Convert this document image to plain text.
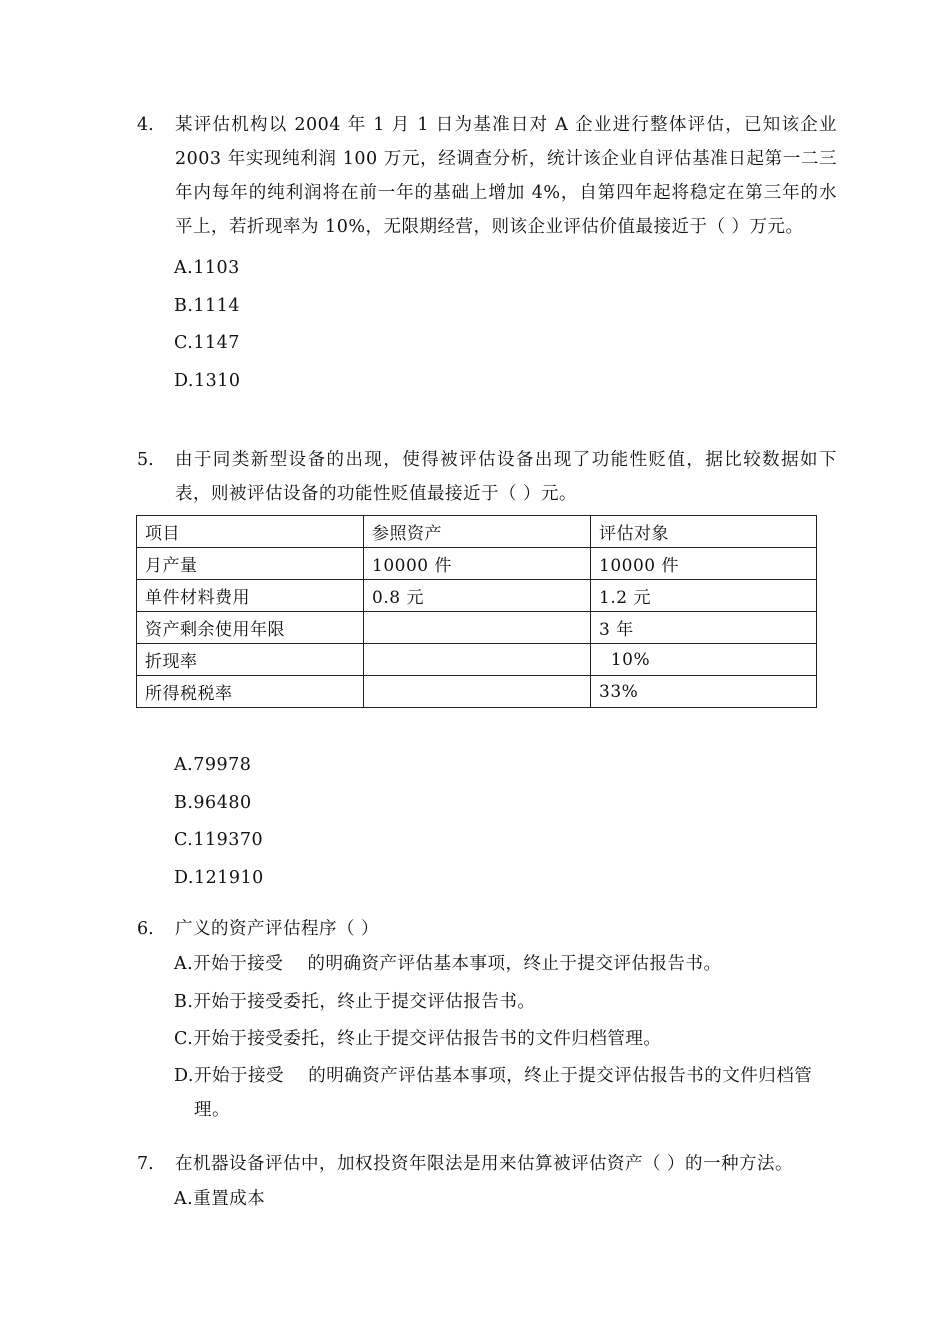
4.	某评估机构以 2004 年 1 月 1 日为基准日对 A 企业进行整体评估，已知该企业 2003 年实现纯利润 100 万元，经调查分析，统计该企业自评估基准日起第一二三年内每年的纯利润将在前一年的基础上增加 4%，自第四年起将稳定在第三年的水平上，若折现率为 10%，无限期经营，则该企业评估价值最接近于（ ）万元。
A.1103
B.1114
C.1147
D.1310
5.	由于同类新型设备的出现，使得被评估设备出现了功能性贬值，据比较数据如下表，则被评估设备的功能性贬值最接近于（ ）元。
项目	参照资产	评估对象
月产量	10000 件	10000 件
单件材料费用	0.8 元	1.2 元
资产剩余使用年限		3 年
折现率		10%
所得税税率		33%
A.79978
B.96480
C.119370
D.121910
6.	广义的资产评估程序（ ）
A.开始于接受    的明确资产评估基本事项，终止于提交评估报告书。
B.开始于接受委托，终止于提交评估报告书。
C.开始于接受委托，终止于提交评估报告书的文件归档管理。
D.开始于接受    的明确资产评估基本事项，终止于提交评估报告书的文件归档管理。
7.	在机器设备评估中，加权投资年限法是用来估算被评估资产（ ）的一种方法。
A.重置成本
